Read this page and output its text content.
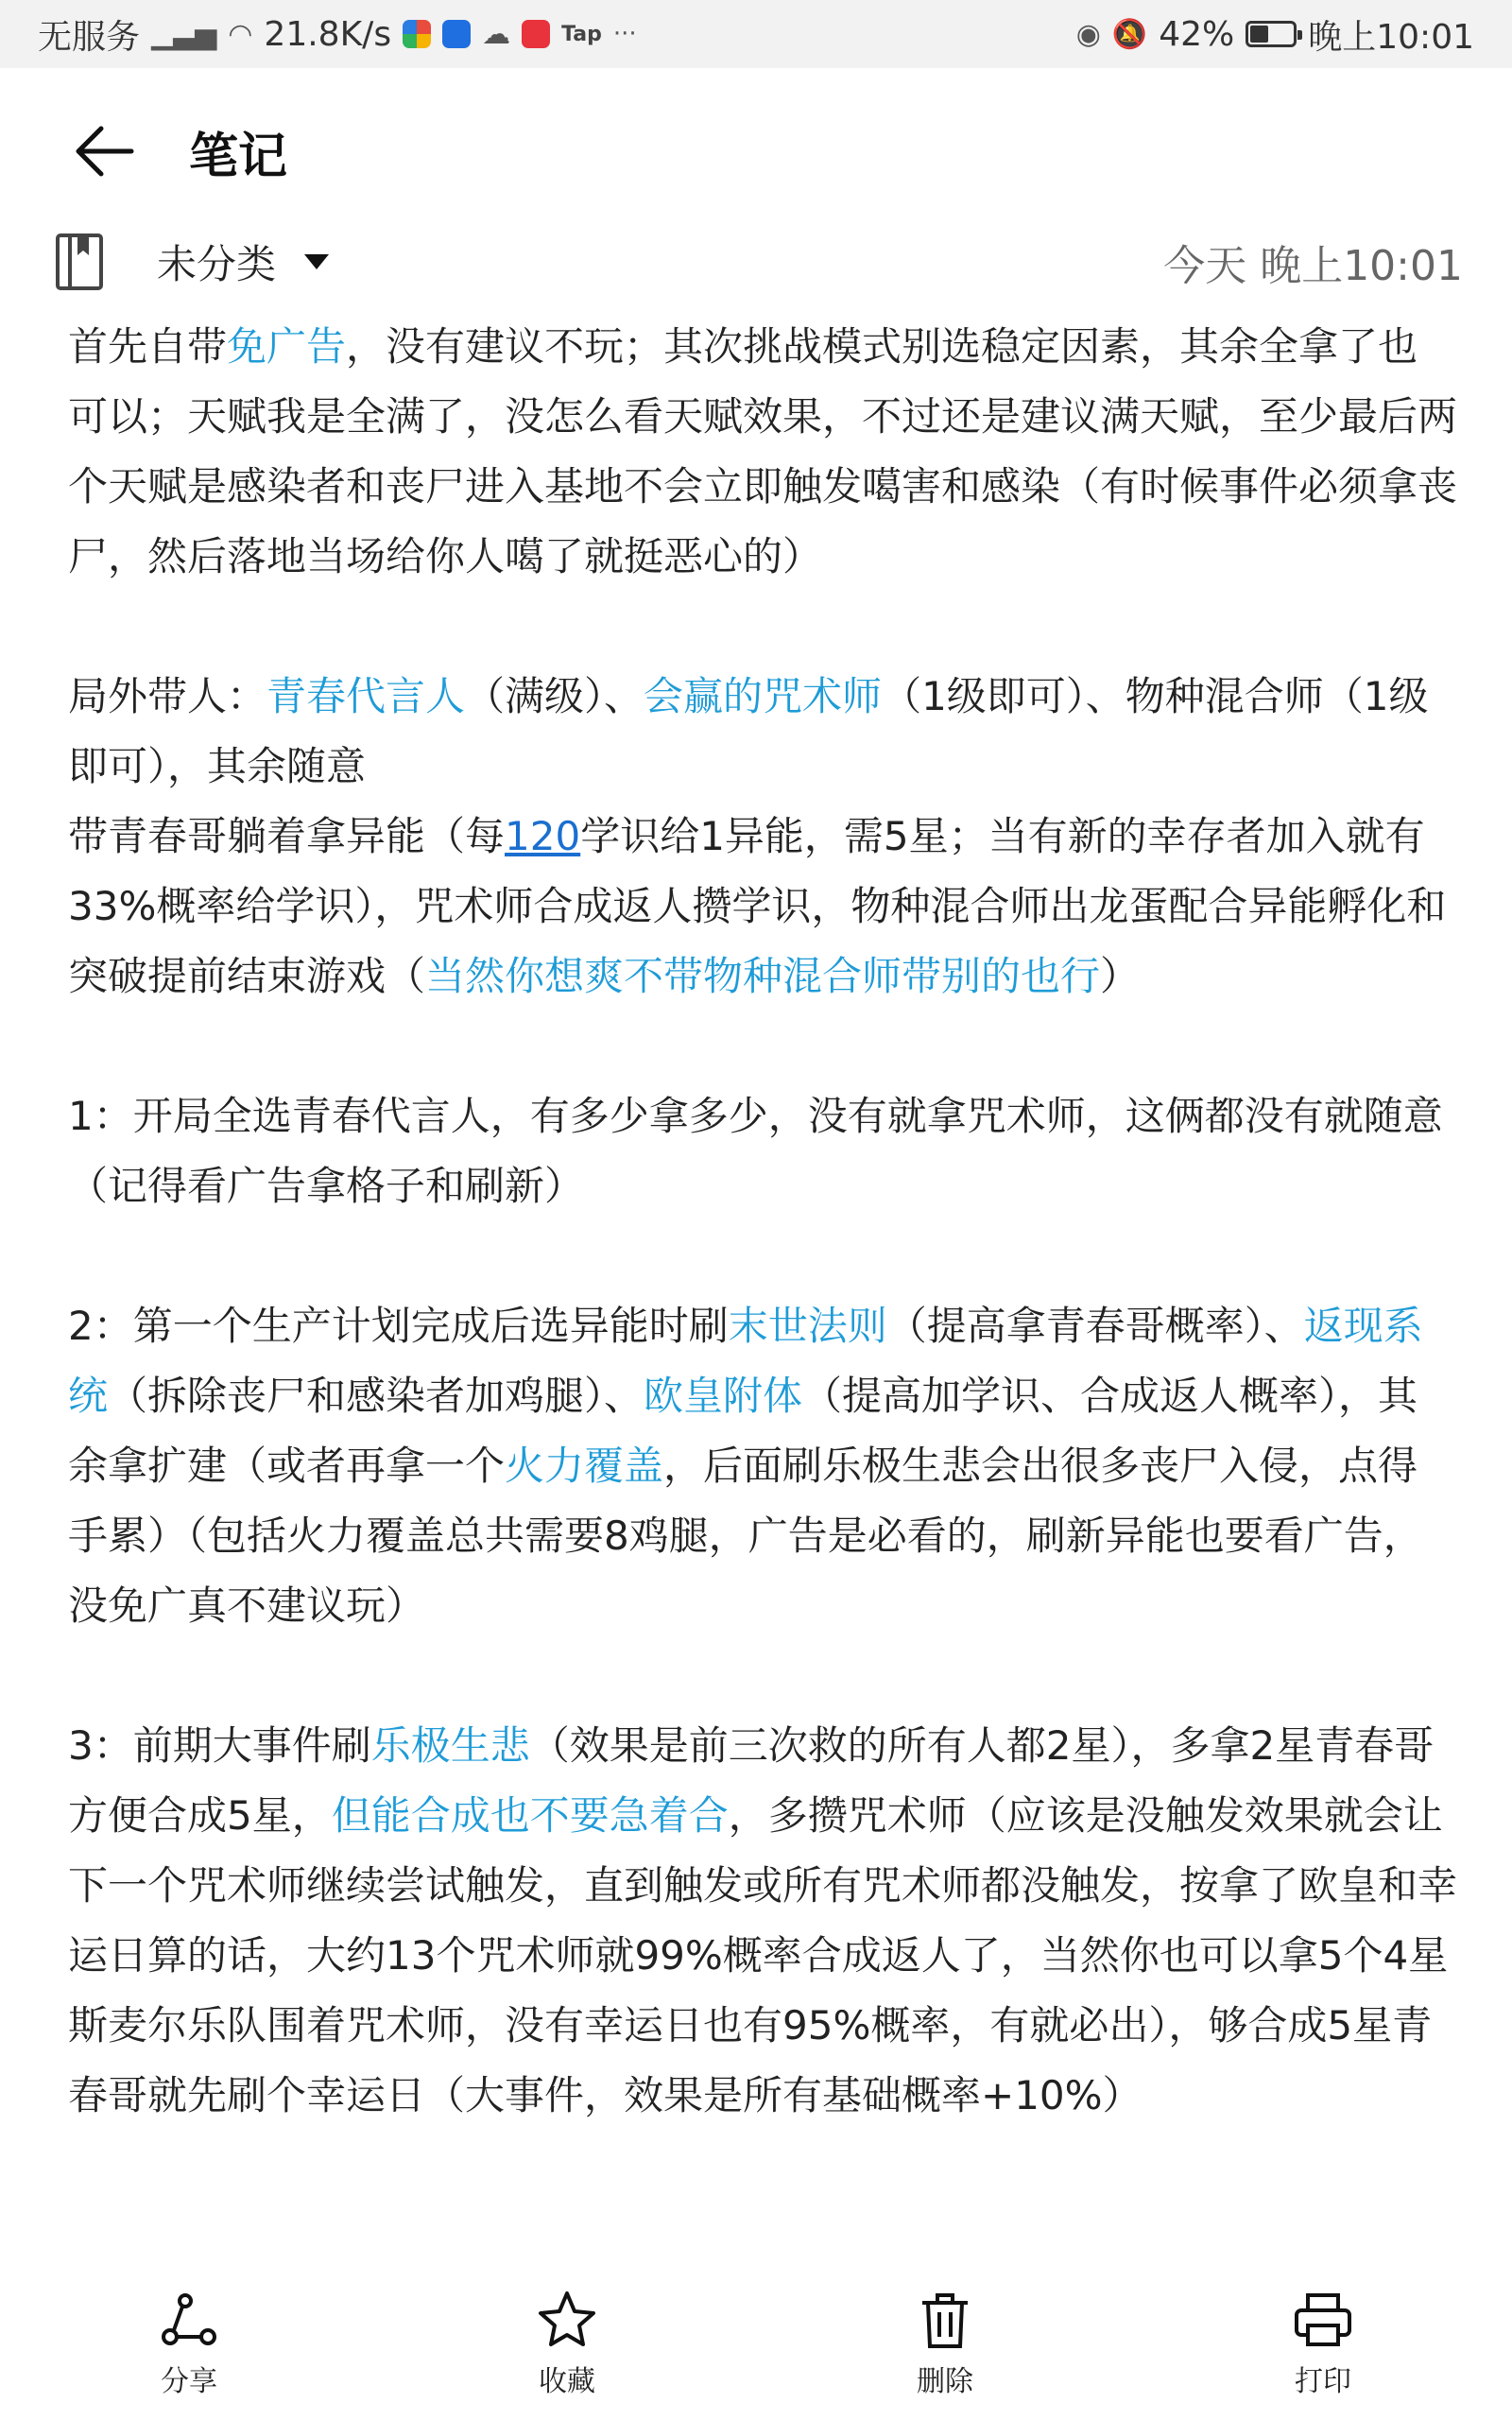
无服务 ▁▃▅ ◠ 21.8K/s	☁ Tap ···	◉ 🔕 42% 晚上10:01
笔记
未分类	今天 晚上10:01

首先自带免广告，没有建议不玩；其次挑战模式别选稳定因素，其余全拿了也可以；天赋我是全满了，没怎么看天赋效果，不过还是建议满天赋，至少最后两个天赋是感染者和丧尸进入基地不会立即触发噶害和感染（有时候事件必须拿丧尸，然后落地当场给你人噶了就挺恶心的）

局外带人：青春代言人（满级）、会赢的咒术师（1级即可）、物种混合师（1级即可），其余随意

带青春哥躺着拿异能（每120学识给1异能，需5星；当有新的幸存者加入就有33%概率给学识），咒术师合成返人攒学识，物种混合师出龙蛋配合异能孵化和突破提前结束游戏（当然你想爽不带物种混合师带别的也行）

1：开局全选青春代言人，有多少拿多少，没有就拿咒术师，这俩都没有就随意（记得看广告拿格子和刷新）

2：第一个生产计划完成后选异能时刷末世法则（提高拿青春哥概率）、返现系统（拆除丧尸和感染者加鸡腿）、欧皇附体（提高加学识、合成返人概率），其余拿扩建（或者再拿一个火力覆盖，后面刷乐极生悲会出很多丧尸入侵，点得手累）（包括火力覆盖总共需要8鸡腿，广告是必看的，刷新异能也要看广告，没免广真不建议玩）

3：前期大事件刷乐极生悲（效果是前三次救的所有人都2星），多拿2星青春哥方便合成5星，但能合成也不要急着合，多攒咒术师（应该是没触发效果就会让下一个咒术师继续尝试触发，直到触发或所有咒术师都没触发，按拿了欧皇和幸运日算的话，大约13个咒术师就99%概率合成返人了，当然你也可以拿5个4星斯麦尔乐队围着咒术师，没有幸运日也有95%概率，有就必出），够合成5星青春哥就先刷个幸运日（大事件，效果是所有基础概率+10%）

分享	收藏	删除	打印
